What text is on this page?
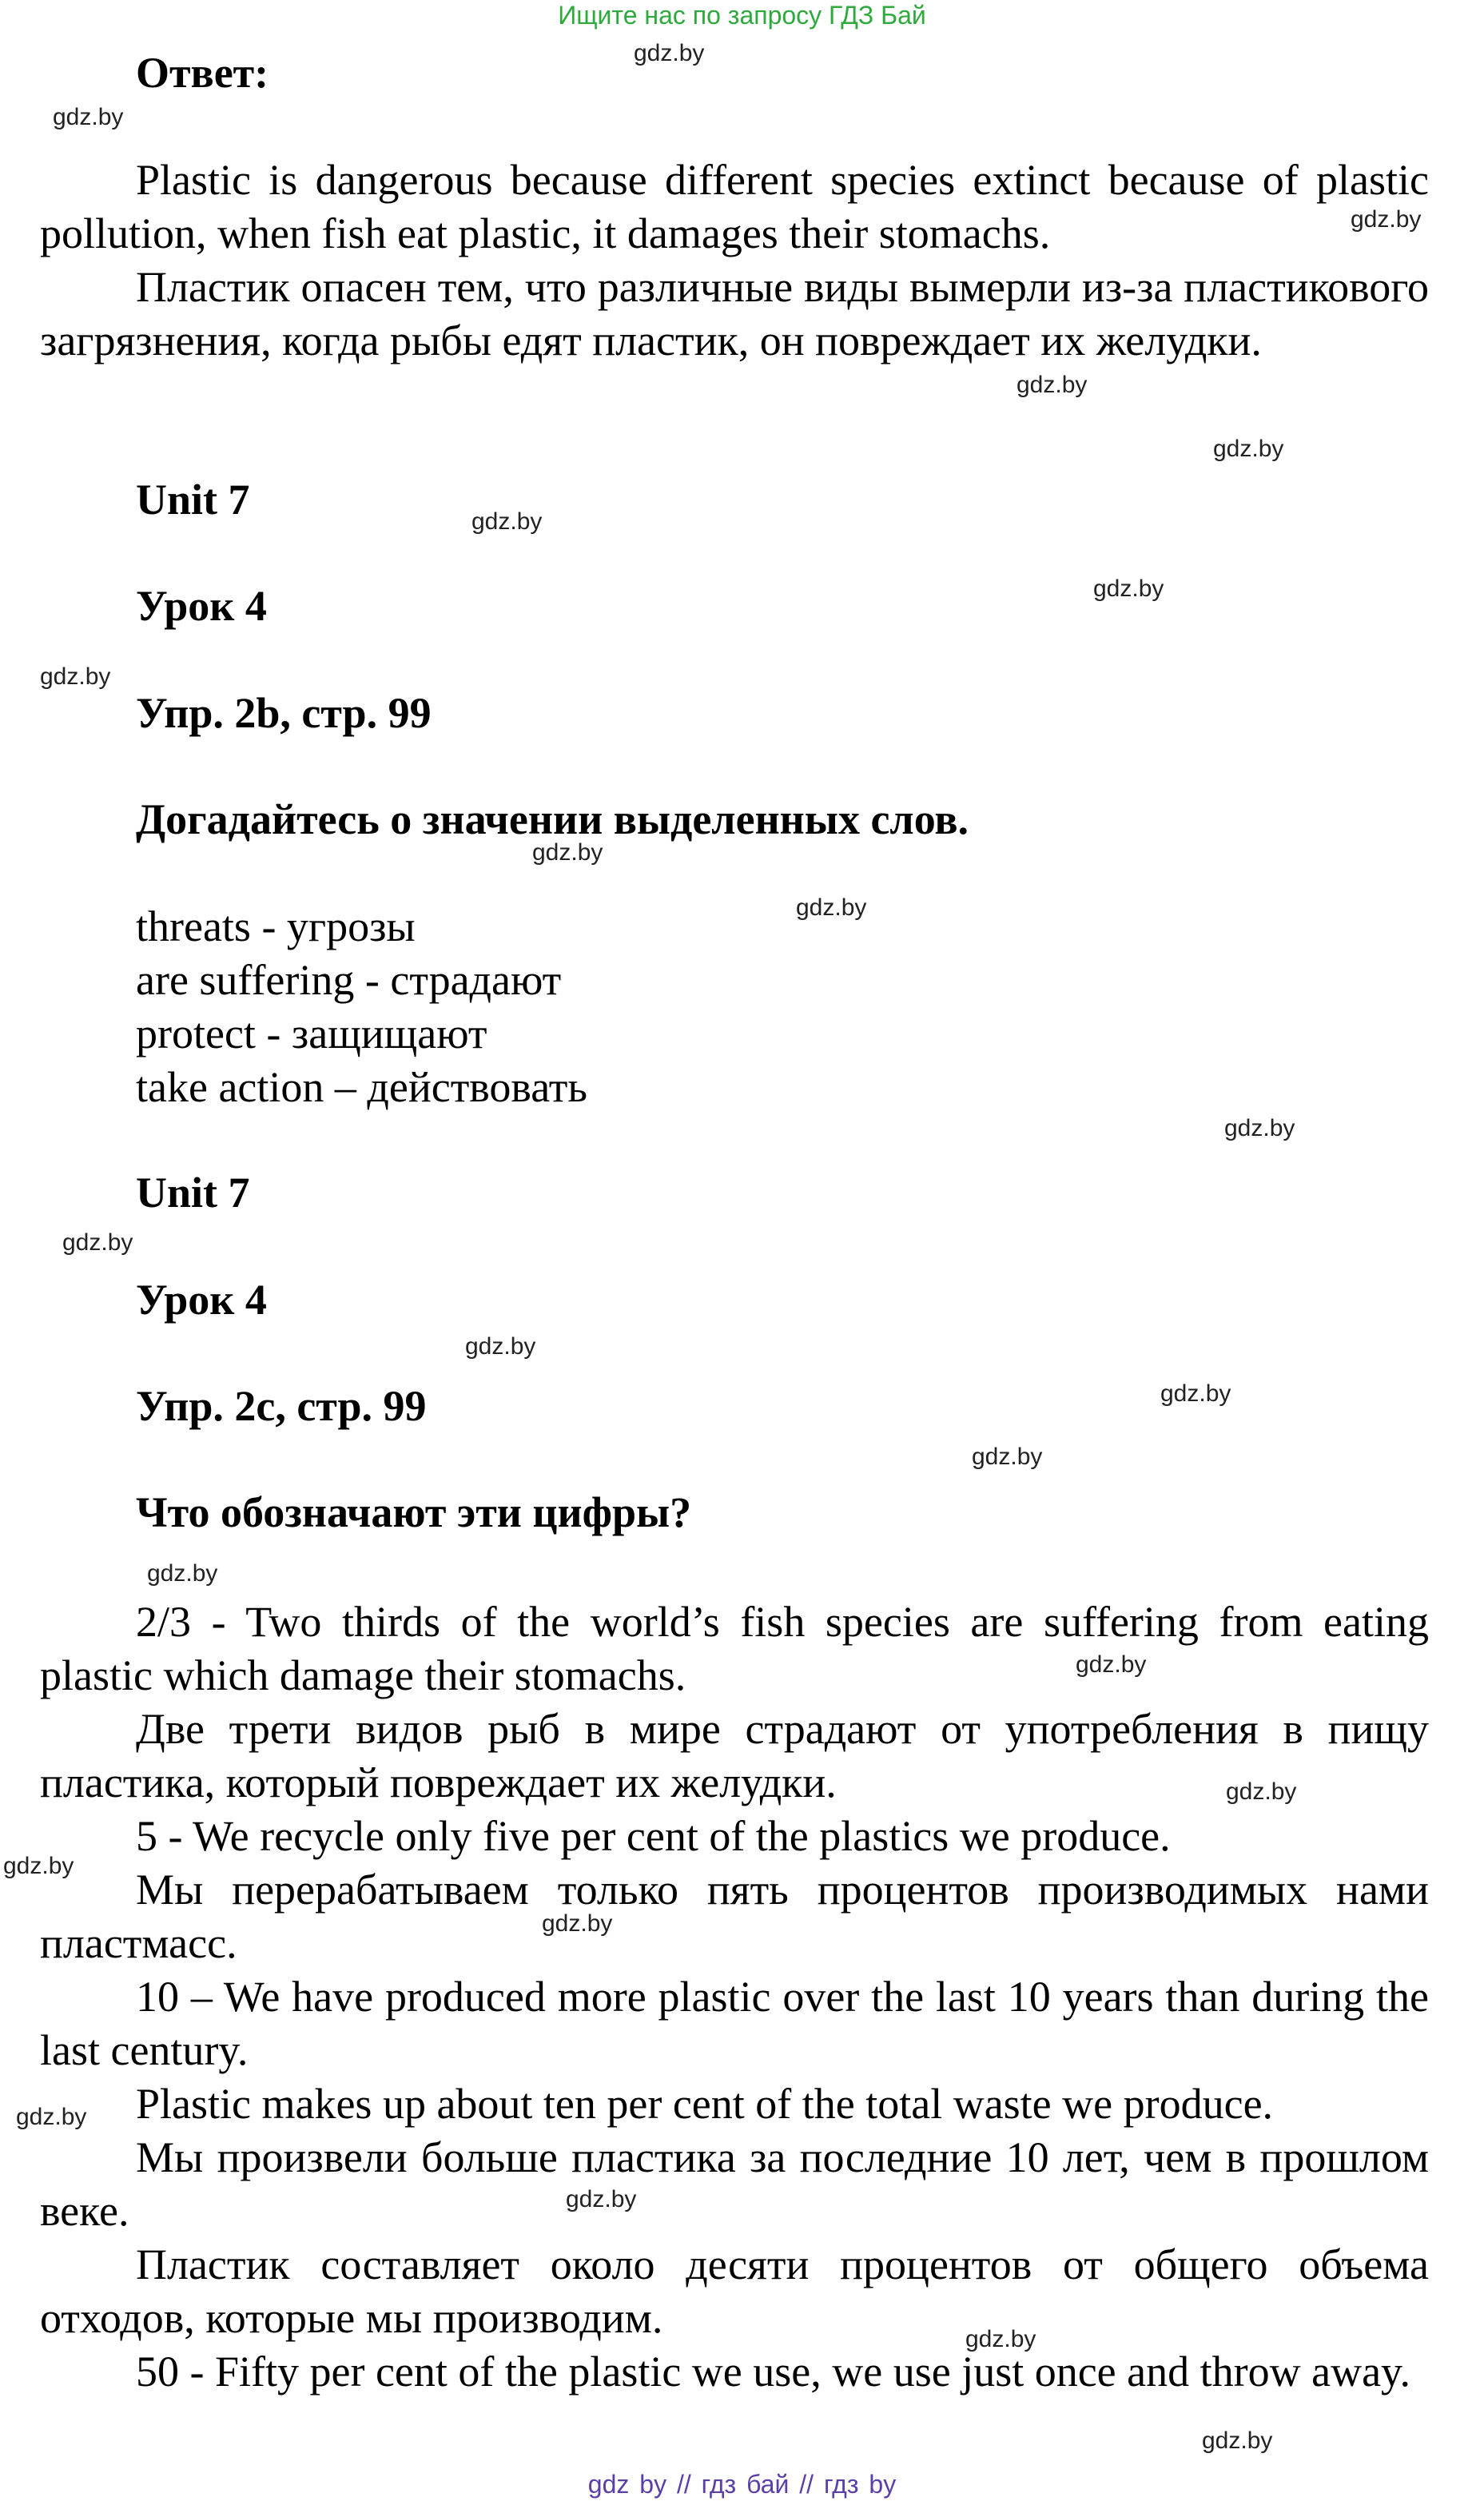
Ищите нас по запросу ГДЗ Бай
Ответ:

Plastic is dangerous because different species extinct because of plastic pollution, when fish eat plastic, it damages their stomachs.

Пластик опасен тем, что различные виды вымерли из-за пластикового загрязнения, когда рыбы едят пластик, он повреждает их желудки.

Unit 7
Урок 4
Упр. 2b, стр. 99
Догадайтесь о значении выделенных слов.
threats - угрозы
are suffering - страдают
protect - защищают
take action – действовать
Unit 7
Урок 4
Упр. 2c, стр. 99
Что обозначают эти цифры?

2/3 - Two thirds of the world’s fish species are suffering from eating plastic which damage their stomachs.

Две трети видов рыб в мире страдают от употребления в пищу пластика, который повреждает их желудки.

5 - We recycle only five per cent of the plastics we produce.

Мы перерабатываем только пять процентов производимых нами пластмасс.

10 – We have produced more plastic over the last 10 years than during the last century.

Plastic makes up about ten per cent of the total waste we produce.

Мы произвели больше пластика за последние 10 лет, чем в прошлом веке.

Пластик составляет около десяти процентов от общего объема отходов, которые мы производим.

50 - Fifty per cent of the plastic we use, we use just once and throw away.

gdz.by
gdz.by
gdz.by
gdz.by
gdz.by
gdz.by
gdz.by
gdz.by
gdz.by
gdz.by
gdz.by
gdz.by
gdz.by
gdz.by
gdz.by
gdz.by
gdz.by
gdz.by
gdz.by
gdz.by
gdz.by
gdz.by
gdz.by
gdz.by
gdz by // гдз бай // гдз by
